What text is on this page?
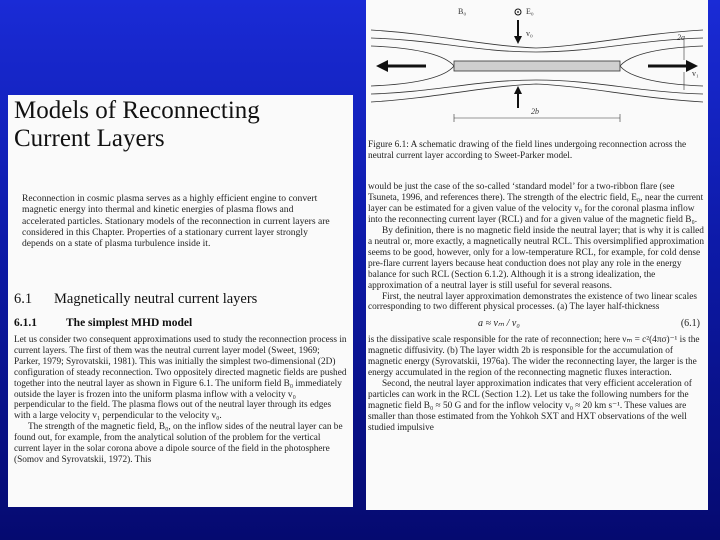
Models of Reconnecting
Current Layers
Reconnection in cosmic plasma serves as a highly efficient engine to convert magnetic energy into thermal and kinetic energies of plasma flows and accelerated particles. Stationary models of the reconnection in current layers are considered in this Chapter. Properties of a stationary current layer strongly depends on a state of plasma turbulence inside it.
6.1 Magnetically neutral current layers
6.1.1	The simplest MHD model

Let us consider two consequent approximations used to study the reconnection process in current layers. The first of them was the neutral current layer model (Sweet, 1969; Parker, 1979; Syrovatskii, 1981). This was initially the simplest two-dimensional (2D) configuration of steady reconnection. Two oppositely directed magnetic fields are pushed together into the neutral layer as shown in Figure 6.1. The uniform field B₀ immediately outside the layer is frozen into the uniform plasma inflow with a velocity v₀ perpendicular to the field. The plasma flows out of the neutral layer through its edges with a large velocity v₁ perpendicular to the velocity v₀.

The strength of the magnetic field, B₀, on the inflow sides of the neutral layer can be found out, for example, from the analytical solution of the problem for the vertical current layer in the solar corona above a dipole source of the field in the photosphere (Somov and Syrovatskii, 1972). This

B₀	E₀
v₀	2a
v₁
2b
Figure 6.1: A schematic drawing of the field lines undergoing reconnection across the neutral current layer according to Sweet-Parker model.

would be just the case of the so-called ‘standard model’ for a two-ribbon flare (see Tsuneta, 1996, and references there). The strength of the electric field, E₀, near the current layer can be estimated for a given value of the velocity v₀ for the coronal plasma inflow into the reconnecting current layer (RCL) and for a given value of the magnetic field B₀.

By definition, there is no magnetic field inside the neutral layer; that is why it is called a neutral or, more exactly, a magnetically neutral RCL. This oversimplified approximation seems to be good, however, only for a low-temperature RCL, for example, for cold dense pre-flare current layers because heat conduction does not play any role in the energy balance for such RCL (Section 6.1.2). Although it is a strong idealization, the approximation of a neutral layer is still useful for several reasons.

First, the neutral layer approximation demonstrates the existence of two linear scales corresponding to two different physical processes. (a) The layer half-thickness

a ≈ νₘ / v₀	(6.1)

is the dissipative scale responsible for the rate of reconnection; here νₘ = c²(4πσ)⁻¹ is the magnetic diffusivity. (b) The layer width 2b is responsible for the accumulation of magnetic energy (Syrovatskii, 1976a). The wider the reconnecting layer, the larger is the energy accumulated in the region of the reconnecting magnetic fluxes interaction.

Second, the neutral layer approximation indicates that very efficient acceleration of particles can work in the RCL (Section 1.2). Let us take the following numbers for the magnetic field B₀ ≈ 50 G and for the inflow velocity v₀ ≈ 20 km s⁻¹. These values are smaller than those estimated from the Yohkoh SXT and HXT observations of the well studied impulsive
